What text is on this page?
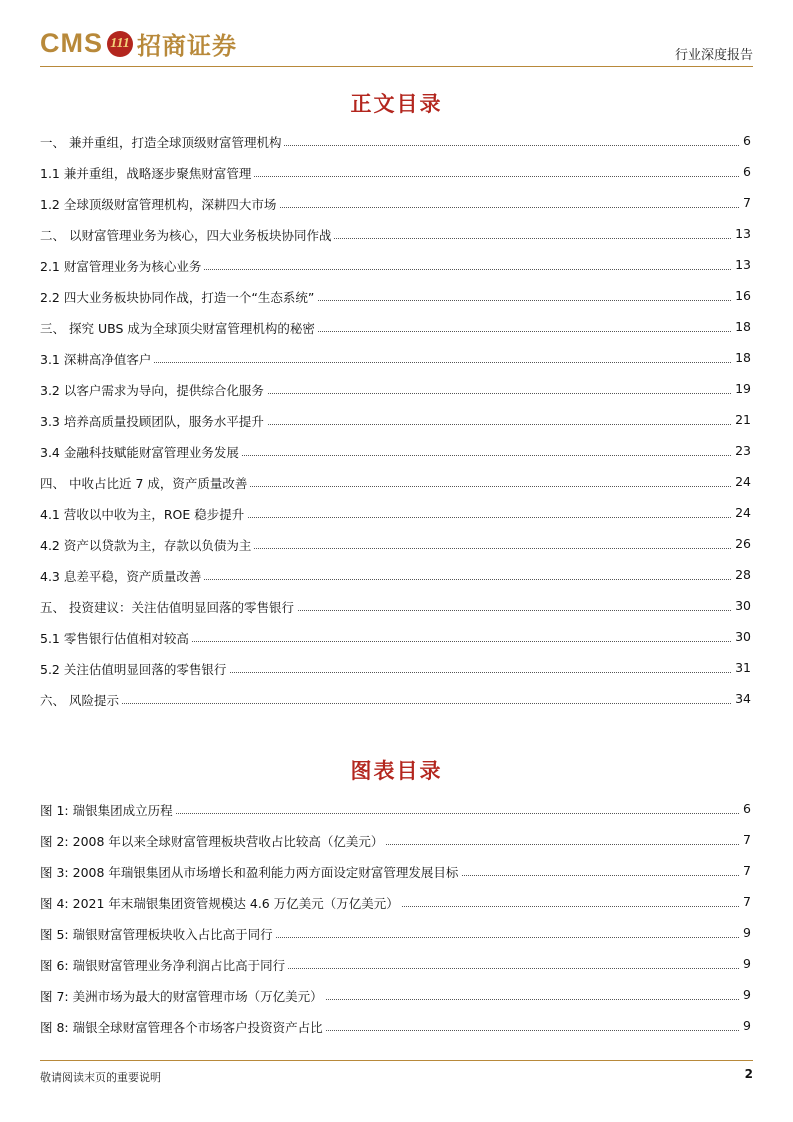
CMS 111 招商证券	行业深度报告
正文目录
一、 兼并重组，打造全球顶级财富管理机构	6
1.1 兼并重组，战略逐步聚焦财富管理	6
1.2 全球顶级财富管理机构，深耕四大市场	7
二、 以财富管理业务为核心，四大业务板块协同作战	13
2.1 财富管理业务为核心业务	13
2.2 四大业务板块协同作战，打造一个“生态系统”	16
三、 探究 UBS 成为全球顶尖财富管理机构的秘密	18
3.1 深耕高净值客户	18
3.2 以客户需求为导向，提供综合化服务	19
3.3 培养高质量投顾团队，服务水平提升	21
3.4 金融科技赋能财富管理业务发展	23
四、 中收占比近 7 成，资产质量改善	24
4.1 营收以中收为主，ROE 稳步提升	24
4.2 资产以贷款为主，存款以负债为主	26
4.3 息差平稳，资产质量改善	28
五、 投资建议：关注估值明显回落的零售银行	30
5.1 零售银行估值相对较高	30
5.2 关注估值明显回落的零售银行	31
六、 风险提示	34
图表目录
图 1: 瑞银集团成立历程	6
图 2: 2008 年以来全球财富管理板块营收占比较高（亿美元）	7
图 3: 2008 年瑞银集团从市场增长和盈利能力两方面设定财富管理发展目标	7
图 4: 2021 年末瑞银集团资管规模达 4.6 万亿美元（万亿美元）	7
图 5: 瑞银财富管理板块收入占比高于同行	9
图 6: 瑞银财富管理业务净利润占比高于同行	9
图 7: 美洲市场为最大的财富管理市场（万亿美元）	9
图 8: 瑞银全球财富管理各个市场客户投资资产占比	9
敬请阅读末页的重要说明	2
